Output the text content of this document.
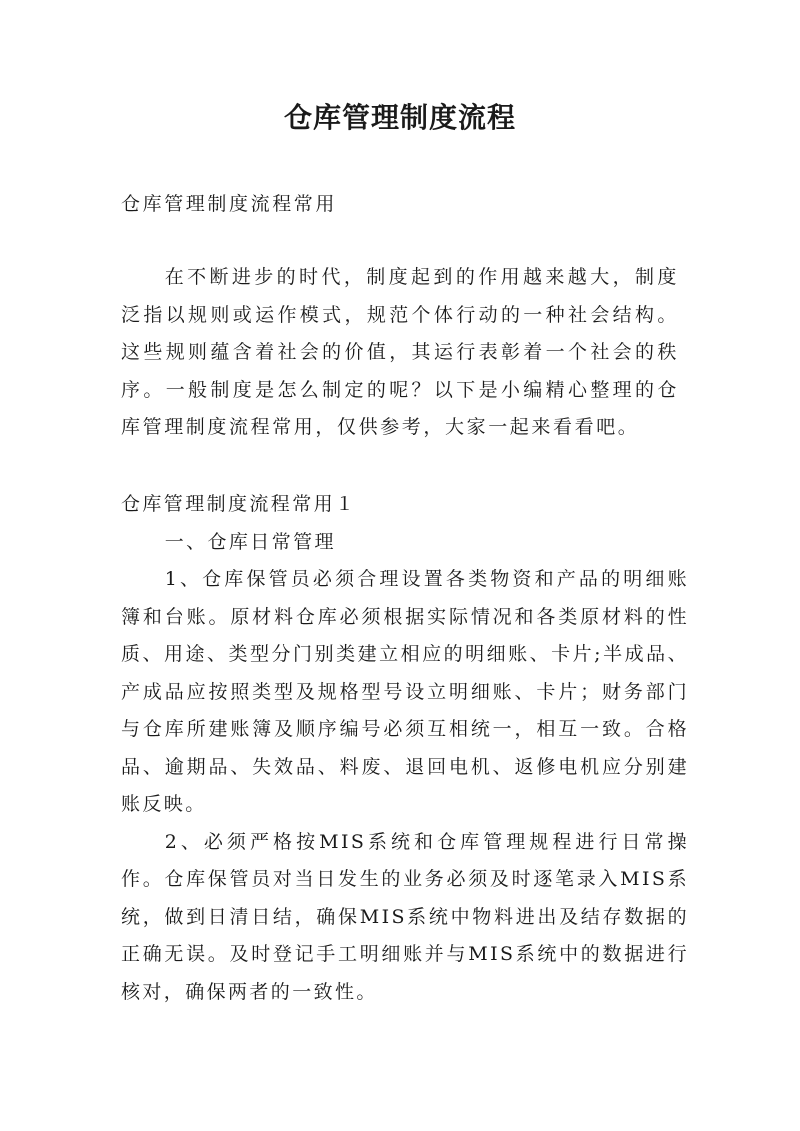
仓库管理制度流程

仓库管理制度流程常用

在不断进步的时代，制度起到的作用越来越大，制度泛指以规则或运作模式，规范个体行动的一种社会结构。这些规则蕴含着社会的价值，其运行表彰着一个社会的秩序。一般制度是怎么制定的呢？以下是小编精心整理的仓库管理制度流程常用，仅供参考，大家一起来看看吧。

仓库管理制度流程常用１

一、仓库日常管理

1、仓库保管员必须合理设置各类物资和产品的明细账簿和台账。原材料仓库必须根据实际情况和各类原材料的性质、用途、类型分门别类建立相应的明细账、卡片;半成品、产成品应按照类型及规格型号设立明细账、卡片；财务部门与仓库所建账簿及顺序编号必须互相统一，相互一致。合格品、逾期品、失效品、料废、退回电机、返修电机应分别建账反映。

2、必须严格按MIS系统和仓库管理规程进行日常操作。仓库保管员对当日发生的业务必须及时逐笔录入MIS系统，做到日清日结，确保MIS系统中物料进出及结存数据的正确无误。及时登记手工明细账并与MIS系统中的数据进行核对，确保两者的一致性。
